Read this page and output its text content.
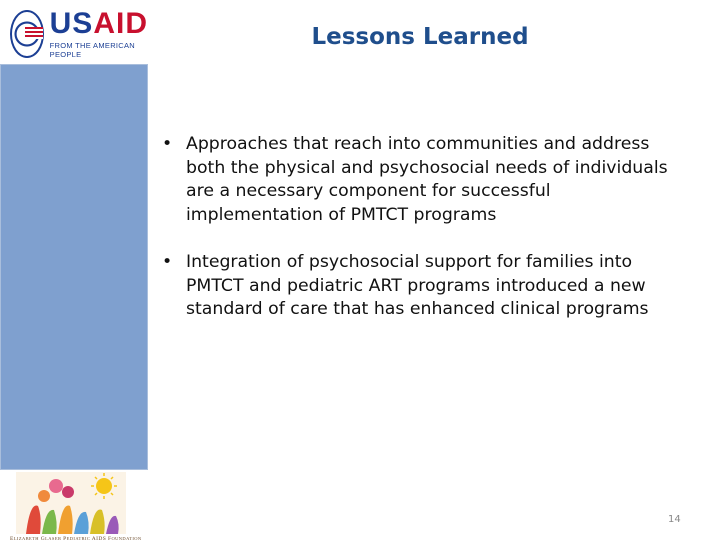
USAID
FROM THE AMERICAN PEOPLE
Lessons Learned
• Approaches that reach into communities and address both the physical and psychosocial needs of individuals are a necessary component for successful implementation of PMTCT programs
• Integration of psychosocial support for families into PMTCT and pediatric ART programs introduced a new standard of care that has enhanced clinical programs
ELIZABETH GLASER PEDIATRIC AIDS FOUNDATION
14
